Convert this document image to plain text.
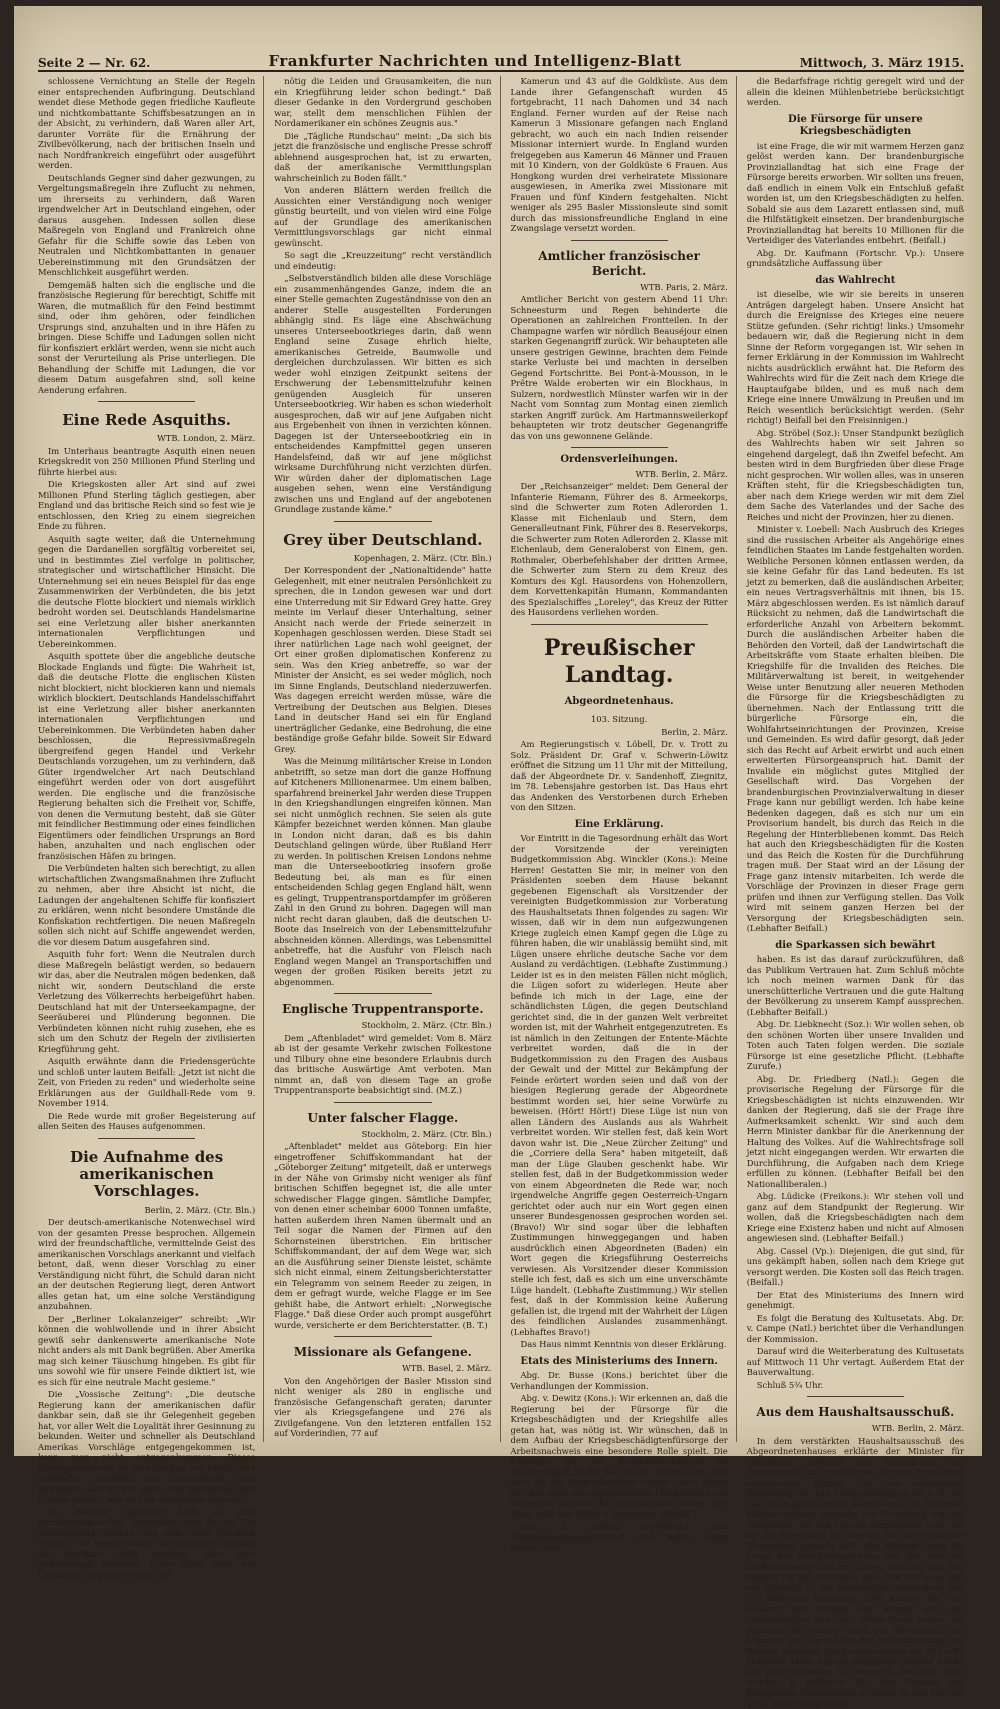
Seite 2 — Nr. 62.	Frankfurter Nachrichten und Intelligenz-Blatt	Mittwoch, 3. März 1915.

schlossene Vernichtung an Stelle der Regeln einer entsprechenden Aufbringung. Deutschland wendet diese Methode gegen friedliche Kaufleute und nichtkombattante Schiffsbesatzungen an in der Absicht, zu verhindern, daß Waren aller Art, darunter Vorräte für die Ernährung der Zivilbevölkerung, nach der britischen Inseln und nach Nordfrankreich eingeführt oder ausgeführt werden.

Deutschlands Gegner sind daher gezwungen, zu Vergeltungsmaßregeln ihre Zuflucht zu nehmen, um ihrerseits zu verhindern, daß Waren irgendwelcher Art in Deutschland eingehen, oder daraus ausgehen. Indessen sollen diese Maßregeln von England und Frankreich ohne Gefahr für die Schiffe sowie das Leben von Neutralen und Nichtkombattanten in genauer Uebereinstimmung mit den Grundsätzen der Menschlichkeit ausgeführt werden.

Demgemäß halten sich die englische und die französische Regierung für berechtigt, Schiffe mit Waren, die mutmaßlich für den Feind bestimmt sind, oder ihm gehören, oder feindlichen Ursprungs sind, anzuhalten und in ihre Häfen zu bringen. Diese Schiffe und Ladungen sollen nicht für konfisziert erklärt werden, wenn sie nicht auch sonst der Verurteilung als Prise unterliegen. Die Behandlung der Schiffe mit Ladungen, die vor diesem Datum ausgefahren sind, soll keine Aenderung erfahren.

Eine Rede Asquiths.
WTB. London, 2. März.

Im Unterhaus beantragte Asquith einen neuen Kriegskredit von 250 Millionen Pfund Sterling und führte hierbei aus:

Die Kriegskosten aller Art sind auf zwei Millionen Pfund Sterling täglich gestiegen, aber England und das britische Reich sind so fest wie je entschlossen, den Krieg zu einem siegreichen Ende zu führen.

Asquith sagte weiter, daß die Unternehmung gegen die Dardanellen sorgfältig vorbereitet sei, und in bestimmtes Ziel verfolge in politischer, strategischer und wirtschaftlicher Hinsicht. Die Unternehmung sei ein neues Beispiel für das enge Zusammenwirken der Verbündeten, die bis jetzt die deutsche Flotte blockiert und niemals wirklich bedroht worden sei. Deutschlands Handelsmarine sei eine Verletzung aller bisher anerkannten internationalen Verpflichtungen und Uebereinkommen.

Asquith spottete über die angebliche deutsche Blockade Englands und fügte: Die Wahrheit ist, daß die deutsche Flotte die englischen Küsten nicht blockiert, nicht blockieren kann und niemals wirklich blockiert. Deutschlands Handelsschiffahrt ist eine Verletzung aller bisher anerkannten internationalen Verpflichtungen und Uebereinkommen. Die Verbündeten haben daher beschlossen, die Repressivmaßregeln übergreifend gegen Handel und Verkehr Deutschlands vorzugehen, um zu verhindern, daß Güter irgendwelcher Art nach Deutschland eingeführt werden oder von dort ausgeführt werden. Die englische und die französische Regierung behalten sich die Freiheit vor, Schiffe, von denen die Vermutung besteht, daß sie Güter mit feindlicher Bestimmung oder eines feindlichen Eigentümers oder feindlichen Ursprungs an Bord haben, anzuhalten und nach englischen oder französischen Häfen zu bringen.

Die Verbündeten halten sich berechtigt, zu allen wirtschaftlichen Zwangsmaßnahmen ihre Zuflucht zu nehmen, aber ihre Absicht ist nicht, die Ladungen der angehaltenen Schiffe für konfisziert zu erklären, wenn nicht besondere Umstände die Konfiskation rechtfertigen. Die neuen Maßregeln sollen sich nicht auf Schiffe angewendet werden, die vor diesem Datum ausgefahren sind.

Asquith fuhr fort: Wenn die Neutralen durch diese Maßregeln belästigt werden, so bedauern wir das, aber die Neutralen mögen bedenken, daß nicht wir, sondern Deutschland die erste Verletzung des Völkerrechts herbeigeführt haben. Deutschland hat mit der Unterseekampagne, der Seeräuberei und Plünderung begonnen. Die Verbündeten können nicht ruhig zusehen, ehe es sich um den Schutz der Regeln der zivilisierten Kriegführung geht.

Asquith erwähnte dann die Friedensgerüchte und schloß unter lautem Beifall: „Jetzt ist nicht die Zeit, von Frieden zu reden" und wiederholte seine Erklärungen aus der Guildhall-Rede vom 9. November 1914.

Die Rede wurde mit großer Begeisterung auf allen Seiten des Hauses aufgenommen.

Die Aufnahme des amerikanischen Vorschlages.
Berlin, 2. März. (Ctr. Bln.)

Der deutsch-amerikanische Notenwechsel wird von der gesamten Presse besprochen. Allgemein wird der freundschaftliche, vermittelnde Geist des amerikanischen Vorschlags anerkannt und vielfach betont, daß, wenn dieser Vorschlag zu einer Verständigung nicht führt, die Schuld daran nicht an der deutschen Regierung liegt, deren Antwort alles getan hat, um eine solche Verständigung anzubahnen.

Der „Berliner Lokalanzeiger" schreibt: „Wir können die wohlwollende und in ihrer Absicht gewiß sehr dankenswerte amerikanische Note nicht anders als mit Dank begrüßen. Aber Amerika mag sich keiner Täuschung hingeben. Es gibt für uns sowohl wie für unsere Feinde diktiert ist, wie es sich für eine neutrale Macht gesieme."

Die „Vossische Zeitung": „Die deutsche Regierung kann der amerikanischen dafür dankbar sein, daß sie ihr Gelegenheit gegeben hat, vor aller Welt die Loyalität ihrer Gesinnung zu bekunden. Weiter und schneller als Deutschland Amerikas Vorschläge entgegengekommen ist, kann man nicht entgegenkommen. Dieses Entgegenkommen ist kein Zeichen von Furcht und Schwäche, vielmehr hat Deutschland jetzt bewiesen, daß es mit Ruhe und Sicherheit den Dingen zusieht, wie sie sich entwickeln werden."

Im „Berliner Tageblatt" heißt es: „Die nordamerikanischen Vorschläge sind in der Tat wohlmeinend gedacht und nicht ohne Geschick verfaßt. Sie werden durch die deutsche Antwort als durchaus recht erwogen, aber sehr gewissenhaft bewertet. Unter allem steht das Leitmotiv: Vergrößere nicht un-

nötig die Leiden und Grausamkeiten, die nun ein Kriegführung leider schon bedingt." Daß dieser Gedanke in den Vordergrund geschoben war, stellt dem menschlichen Fühlen der Nordamerikaner ein schönes Zeugnis aus."

Die „Tägliche Rundschau" meint: „Da sich bis jetzt die französische und englische Presse schroff ablehnend ausgesprochen hat, ist zu erwarten, daß der amerikanische Vermittlungsplan wahrscheinlich zu Boden fällt."

Von anderen Blättern werden freilich die Aussichten einer Verständigung noch weniger günstig beurteilt, und von vielen wird eine Folge auf der Grundlage des amerikanischen Vermittlungsvorschlags gar nicht einmal gewünscht.

So sagt die „Kreuzzeitung" recht verständlich und eindeutig:

„Selbstverständlich bilden alle diese Vorschläge ein zusammenhängendes Ganze, indem die an einer Stelle gemachten Zugeständnisse von den an anderer Stelle ausgestellten Forderungen abhängig sind. Es läge eine Abschwächung unseres Unterseebootkrieges darin, daß wenn England seine Zusage ehrlich hielte, amerikanisches Getreide, Baumwolle und dergleichen durchzulassen. Wir bitten es sich weder wohl einzigen Zeitpunkt seitens der Erschwerung der Lebensmittelzufuhr keinen genügenden Ausgleich für unseren Unterseebootkrieg. Wir haben es schon wiederholt ausgesprochen, daß wir auf jene Aufgaben nicht aus Ergebenheit von ihnen in verzichten können. Dagegen ist der Unterseebootkrieg ein in entscheidendes Kampfmittel gegen unseren Handelsfeind, daß wir auf jene möglichst wirksame Durchführung nicht verzichten dürfen. Wir würden daher der diplomatischen Lage ausgeben sehen, wenn eine Verständigung zwischen uns und England auf der angebotenen Grundlage zustande käme."

Grey über Deutschland.
Kopenhagen, 2. März. (Ctr. Bln.)

Der Korrespondent der „Nationaltidende" hatte Gelegenheit, mit einer neutralen Persönlichkeit zu sprechen, die in London gewesen war und dort eine Unterredung mit Sir Edward Grey hatte. Grey meinte im Verlauf dieser Unterhaltung, seiner Ansicht nach werde der Friede seinerzeit in Kopenhagen geschlossen werden. Diese Stadt sei ihrer natürlichen Lage nach wohl geeignet, der Ort einer großen diplomatischen Konferenz zu sein. Was den Krieg anbetreffe, so war der Minister der Ansicht, es sei weder möglich, noch im Sinne Englands, Deutschland niederzuwerfen. Was dagegen erreicht werden müsse, wäre die Vertreibung der Deutschen aus Belgien. Dieses Land in deutscher Hand sei ein für England unerträglicher Gedanke, eine Bedrohung, die eine beständige große Gefahr bilde. Soweit Sir Edward Grey.

Was die Meinung militärischer Kreise in London anbetrifft, so setze man dort die ganze Hoffnung auf Kitcheners Millionenarmee. Um einem balben, sparfahrend breinerkel Jahr werden diese Truppen in den Kriegshandlungen eingreifen können. Man sei nicht unmöglich rechnen. Sie seien als gute Kämpfer bezeichnet werden können. Man glaube in London nicht daran, daß es bis dahin Deutschland gelingen würde, über Rußland Herr zu werden. In politischen Kreisen Londons nehme man die Unterseebootkrieg insofern große Bedeutung bei, als man es für einen entscheidenden Schlag gegen England hält, wenn es gelingt, Truppentransportdampfer im größeren Zahl in den Grund zu bohren. Dagegen will man nicht recht daran glauben, daß die deutschen U-Boote das Inselreich von der Lebensmittelzufuhr abschneiden können. Allerdings, was Lebensmittel anbetreffe, hat die Ausfuhr von Fleisch nach England wegen Mangel an Transportschiffen und wegen der großen Risiken bereits jetzt zu abgenommen.

Englische Truppentransporte.
Stockholm, 2. März. (Ctr. Bln.)

Dem „Aftenbladet" wird gemeldet: Vom 8. März ab ist der gesamte Verkehr zwischen Folkestone und Tilbury ohne eine besondere Erlaubnis durch das britische Auswärtige Amt verboten. Man nimmt an, daß von diesem Tage an große Truppentransporte beabsichtigt sind. (M.Z.)

Unter falscher Flagge.
Stockholm, 2. März. (Ctr. Bln.)

„Aftenbladet" meldet aus Göteborg: Ein hier eingetroffener Schiffskommandant hat der „Göteborger Zeitung" mitgeteilt, daß er unterwegs in der Nähe von Grimsby nicht weniger als fünf britischen Schiffen begegnet ist, die alle unter schwedischer Flagge gingen. Sämtliche Dampfer, von denen einer scheinbar 6000 Tonnen umfaßte, hatten außerdem ihren Namen übermalt und an Teil sogar die Namen der Firmen auf den Schornsteinen überstrichen. Ein britischer Schiffskommandant, der auf dem Wege war, sich an die Ausführung seiner Dienste leistet, schämte sich nicht einmal, einem Zeitungsberichterstatter ein Telegramm von seinem Reeder zu zeigen, in dem er gefragt wurde, welche Flagge er im See gehißt habe, die Antwort erhielt: „Norwegische Flagge." Daß diese Order auch prompt ausgeführt wurde, versicherte er dem Berichterstatter. (B. T.)

Missionare als Gefangene.
WTB. Basel, 2. März.

Von den Angehörigen der Basler Mission sind nicht weniger als 280 in englische und französische Gefangenschaft geraten; darunter vier als Kriegsgefangene und 276 als Zivilgefangene. Von den letzteren entfallen 152 auf Vorderindien, 77 auf

Kamerun und 43 auf die Goldküste. Aus dem Lande ihrer Gefangenschaft wurden 45 fortgebracht, 11 nach Dahomen und 34 nach England. Ferner wurden auf der Reise nach Kamerun 3 Missionare gefangen nach England gebracht, wo auch ein nach Indien reisender Missionar interniert wurde. In England wurden freigegeben aus Kamerun 46 Männer und Frauen mit 10 Kindern, von der Goldküste 6 Frauen. Aus Hongkong wurden drei verheiratete Missionare ausgewiesen, in Amerika zwei Missionare mit Frauen und fünf Kindern festgehalten. Nicht weniger als 295 Basler Missionsleute sind somit durch das missionsfreundliche England in eine Zwangslage versetzt worden.

Amtlicher französischer Bericht.
WTB. Paris, 2. März.

Amtlicher Bericht von gestern Abend 11 Uhr: Schneesturm und Regen behinderte die Operationen an zahlreichen Frontteilen. In der Champagne warfen wir nördlich Beauséjour einen starken Gegenangriff zurück. Wir behaupteten alle unsere gestrigen Gewinne, brachten dem Feinde starke Verluste bei und machten in derselben Gegend Fortschritte. Bei Pont-à-Mousson, in le Prêtre Walde eroberten wir ein Blockhaus, in Sulzern, nordwestlich Münster warfen wir in der Nacht vom Sonntag zum Montag einen ziemlich starken Angriff zurück. Am Hartmannsweilerkopf behaupteten wir trotz deutscher Gegenangriffe das von uns gewonnene Gelände.

Ordensverleihungen.
WTB. Berlin, 2. März.

Der „Reichsanzeiger" meldet: Dem General der Infanterie Riemann, Führer des 8. Armeekorps, sind die Schwerter zum Roten Adlerorden 1. Klasse mit Eichenlaub und Stern, dem Generalleutnant Fink, Führer des 8. Reservekorps, die Schwerter zum Roten Adlerorden 2. Klasse mit Eichenlaub, dem Generaloberst von Einem, gen. Rothmaler, Oberbefehlshaber der dritten Armee, die Schwerter zum Stern zu dem Kreuz des Komturs des Kgl. Hausordens von Hohenzollern, dem Korvettenkapitän Humann, Kommandanten des Spezialschiffes „Loreley", das Kreuz der Ritter des Hausordens verliehen worden.

Preußischer Landtag.
Abgeordnetenhaus.
103. Sitzung.
Berlin, 2. März.

Am Regierungstisch v. Löbell, Dr. v. Trott zu Solz. Präsident Dr. Graf v. Schwerin-Löwitz eröffnet die Sitzung um 11 Uhr mit der Mitteilung, daß der Abgeordnete Dr. v. Sandenhoff, Ziegnitz, im 78. Lebensjahre gestorben ist. Das Haus ehrt das Andenken des Verstorbenen durch Erheben von den Sitzen.

Eine Erklärung.

Vor Eintritt in die Tagesordnung erhält das Wort der Vorsitzende der vereinigten Budgetkommission Abg. Winckler (Kons.): Meine Herren! Gestatten Sie mir, in meiner von den Präsidenten soeben dem Hause bekannt gegebenen Eigenschaft als Vorsitzender der vereinigten Budgetkommission zur Vorberatung des Haushaltsetats Ihnen folgendes zu sagen: Wir wissen, daß wir in dem nun aufgezwungenen Kriege zugleich einen Kampf gegen die Lüge zu führen haben, die wir unablässig bemüht sind, mit Lügen unsere ehrliche deutsche Sache vor dem Ausland zu verdächtigen. (Lebhafte Zustimmung.) Leider ist es in den meisten Fällen nicht möglich, die Lügen sofort zu widerlegen. Heute aber befinde ich mich in der Lage, eine der schändlichsten Lügen, die gegen Deutschland gerichtet sind, die in der ganzen Welt verbreitet worden ist, mit der Wahrheit entgegenzutreten. Es ist nämlich in den Zeitungen der Entente-Mächte verbreitet worden, daß die in der Budgetkommission zu den Fragen des Ausbaus der Gewalt und der Mittel zur Bekämpfung der Feinde erörtert worden seien und daß von der hiesigen Regierung gerade der Abgeordnete bestimmt worden sei, hier seine Vorwürfe zu beweisen. (Hört! Hört!) Diese Lüge ist nun von allen Ländern des Auslands aus als Wahrheit verbreitet worden. Wir stellen fest, daß kein Wort davon wahr ist. Die „Neue Zürcher Zeitung" und die „Corriere della Sera" haben mitgeteilt, daß man der Lüge Glauben geschenkt habe. Wir stellen fest, daß in der Budgetkommission weder von einem Abgeordneten die Rede war, noch irgendwelche Angriffe gegen Oesterreich-Ungarn gerichtet oder auch nur ein Wort gegen einen unserer Bundesgenossen gesprochen worden sei. (Bravo!) Wir sind sogar über die lebhaften Zustimmungen hinweggegangen und haben ausdrücklich einen Abgeordneten (Baden) ein Wort gegen die Kriegsführung Oesterreichs verwiesen. Als Vorsitzender dieser Kommission stelle ich fest, daß es sich um eine unverschämte Lüge handelt. (Lebhafte Zustimmung.) Wir stellen fest, daß in der Kommission keine Äußerung gefallen ist, die irgend mit der Wahrheit der Lügen des feindlichen Auslandes zusammenhängt. (Lebhaftes Bravo!)

Das Haus nimmt Kenntnis von dieser Erklärung.

Etats des Ministeriums des Innern.

Abg. Dr. Busse (Kons.) berichtet über die Verhandlungen der Kommission.

Abg. v. Dewitz (Kons.): Wir erkennen an, daß die Regierung bei der Fürsorge für die Kriegsbeschädigten und der Kriegshilfe alles getan hat, was nötig ist. Wir wünschen, daß in dem Aufbau der Kriegsbeschädigtenfürsorge der Arbeitsnachweis eine besondere Rolle spielt. Die Fürsorge für die Kriegsbeschädigten ist ausschließlich Sache des Reichs. Wir müssen aber auch für die Hinterbliebenen sorgen. Dann bitten wir, daß auch die ostpreußischen Flüchtlinge nicht vergessen werden, die zurückkehren wollen. Der Staat muß hier helfend eingreifen. (Beifall.)

Abg. v. Zedlitz (Freikons.): Die Kriegsgetreidegesellschaft muß dafür Sorge tragen, daß

die Bedarfsfrage richtig geregelt wird und der allein die kleinen Mühlenbetriebe berücksichtigt werden.

Die Fürsorge für unsere Kriegsbeschädigten

ist eine Frage, die wir mit warmem Herzen ganz gelöst werden kann. Der brandenburgische Provinziallandtag hat sich eine Frage der Fürsorge bereits erworben. Wir sollten uns freuen, daß endlich in einem Volk ein Entschluß gefaßt worden ist, um den Kriegsbeschädigten zu helfen. Sobald sie aus dem Lazarett entlassen sind, muß die Hilfstätigkeit einsetzen. Der brandenburgische Provinziallandtag hat bereits 10 Millionen für die Verteidiger des Vaterlandes entbehrt. (Beifall.)

Abg. Dr. Kaufmann (Fortschr. Vp.): Unsere grundsätzliche Auffassung über

das Wahlrecht

ist dieselbe, wie wir sie bereits in unseren Anträgen dargelegt haben. Unsere Ansicht hat durch die Ereignisse des Krieges eine neuere Stütze gefunden. (Sehr richtig! links.) Umsomehr bedauern wir, daß die Regierung nicht in dem Sinne der Reform vorgegangen ist. Wir sehen in ferner Erklärung in der Kommission im Wahlrecht nichts ausdrücklich erwähnt hat. Die Reform des Wahlrechts wird für die Zeit nach dem Kriege die Hauptaufgabe bilden, und es muß nach dem Kriege eine innere Umwälzung in Preußen und im Reich wesentlich berücksichtigt werden. (Sehr richtig!) Beifall bei den Freisinnigen.)

Abg. Ströbel (Soz.): Unser Standpunkt bezüglich des Wahlrechts haben wir seit Jahren so eingehend dargelegt, daß ihn Zweifel befecht. Am besten wird in dem Burgfrieden über diese Frage nicht gesprochen. Wir wollen alles, was in unseren Kräften steht, für die Kriegsbeschädigten tun, aber nach dem Kriege werden wir mit dem Ziel dem Sache des Vaterlandes und der Sache des Reiches und nicht der Provinzen, hier zu dienen.

Minister v. Loebell: Nach Ausbruch des Krieges sind die russischen Arbeiter als Angehörige eines feindlichen Staates im Lande festgehalten worden. Weibliche Personen können entlassen werden, da sie keine Gefahr für das Land bedeuten. Es ist jetzt zu bemerken, daß die ausländischen Arbeiter, ein neues Vertragsverhältnis mit ihnen, bis 15. März abgeschlossen werden. Es ist nämlich darauf Rücksicht zu nehmen, daß die Landwirtschaft die erforderliche Anzahl von Arbeitern bekommt. Durch die ausländischen Arbeiter haben die Behörden den Vorteil, daß der Landwirtschaft die Arbeitskräfte vom Staate erhalten bleiben. Die Kriegshilfe für die Invaliden des Reiches. Die Militärverwaltung ist bereit, in weitgehender Weise unter Benutzung aller neueren Methoden die Fürsorge für die Kriegsbeschädigten zu übernehmen. Nach der Entlassung tritt die bürgerliche Fürsorge ein, die Wohlfahrtseinrichtungen der Provinzen, Kreise und Gemeinden. Es wird dafür gesorgt, daß jeder sich das Recht auf Arbeit erwirbt und auch einen erweiterten Fürsorgeanspruch hat. Damit der Invalide ein möglichst gutes Mitglied der Gesellschaft wird. Das Vorgehen der brandenburgischen Provinzialverwaltung in dieser Frage kann nur gebilligt werden. Ich habe keine Bedenken dagegen, daß es sich nur um ein Provisorium handelt, bis durch das Reich in die Regelung der Hinterbliebenen kommt. Das Reich hat auch den Kriegsbeschädigten für die Kosten und das Reich die Kosten für die Durchführung tragen muß. Der Staat wird an der Lösung der Frage ganz intensiv mitarbeiten. Ich werde die Vorschläge der Provinzen in dieser Frage gern prüfen und ihnen zur Verfügung stellen. Das Volk wird mit seinem ganzen Herzen bei der Versorgung der Kriegsbeschädigten sein. (Lebhafter Beifall.)

die Sparkassen sich bewährt

haben. Es ist das darauf zurückzuführen, daß das Publikum Vertrauen hat. Zum Schluß möchte ich noch meinen warmen Dank für das unerschütterliche Vertrauen und die gute Haltung der Bevölkerung zu unserem Kampf aussprechen. (Lebhafter Beifall.)

Abg. Dr. Liebknecht (Soz.): Wir wollen sehen, ob den schönen Worten über unsere Invaliden und Toten auch Taten folgen werden. Die soziale Fürsorge ist eine gesetzliche Pflicht. (Lebhafte Zurufe.)

Abg. Dr. Friedberg (Natl.): Gegen die provisorische Regelung der Fürsorge für die Kriegsbeschädigten ist nichts einzuwenden. Wir danken der Regierung, daß sie der Frage ihre Aufmerksamkeit schenkt. Wir sind auch dem Herrn Minister dankbar für die Anerkennung der Haltung des Volkes. Auf die Wahlrechtsfrage soll jetzt nicht eingegangen werden. Wir erwarten die Durchführung, die Aufgaben nach dem Kriege erfüllen zu können. (Lebhafter Beifall bei den Nationalliberalen.)

Abg. Lüdicke (Freikons.): Wir stehen voll und ganz auf dem Standpunkt der Regierung. Wir wollen, daß die Kriegsbeschädigten nach dem Kriege eine Existenz haben und nicht auf Almosen angewiesen sind. (Lebhafter Beifall.)

Abg. Cassel (Vp.): Diejenigen, die gut sind, für uns gekämpft haben, sollen nach dem Kriege gut versorgt werden. Die Kosten soll das Reich tragen. (Beifall.)

Der Etat des Ministeriums des Innern wird genehmigt.

Es folgt die Beratung des Kultusetats. Abg. Dr. v. Campe (Natl.) berichtet über die Verhandlungen der Kommission.

Darauf wird die Weiterberatung des Kultusetats auf Mittwoch 11 Uhr vertagt. Außerdem Etat der Bauverwaltung.

Schluß 5¾ Uhr.

Aus dem Haushaltsausschuß.
WTB. Berlin, 2. März.

In dem verstärkten Haushaltsausschuß des Abgeordnetenhauses erklärte der Minister für öffentliche Arbeiten die Ausnutzung der Wasserkräfte in Preußen sei für die Erzeugung elektrischen Stroms, da von erheblicher Bedeutung sei. Die Stromversorgung sei z. B. für das Staatsgebiet erzielt worden etwa 24 Millionen Kilowattstunden ergeben. Von Bedeutung sind die Talsperren, die mit Mitteln ausgestattet sind, die für die Erzeugung der Energie für die elektrische Versorgung gedacht sind. Der Minister legte die Frage der Energieversorgung dar. Der Bau des Großkraftwerkes ist im Gange. Für den Bau des Kanals, für das Kraftwerk sind 106 Millionen und ein Zuschuß zu der elektrischen Versorgung von 15 Millionen beantragt. Die Kosten für den Ausbau, der Ausbau des Kanals und der Großindustrie und des Rhein-Weser-Kanals im Rahmen der Vorlage sind zur Verfügung. Der Minister gab auch über die Elektrifizierung der Bahnen Auskunft. Die Kosten wurden auf 70 bis 80 Millionen Mark Kapital angegeben. Darauf wurde die Elektrifizierung in Pommern erwähnt. Auch wurden 8 Millionen für den Neubau des Königlichen Opernhauses in Berlin in den Etat für 1915 wieder eingestellt.
